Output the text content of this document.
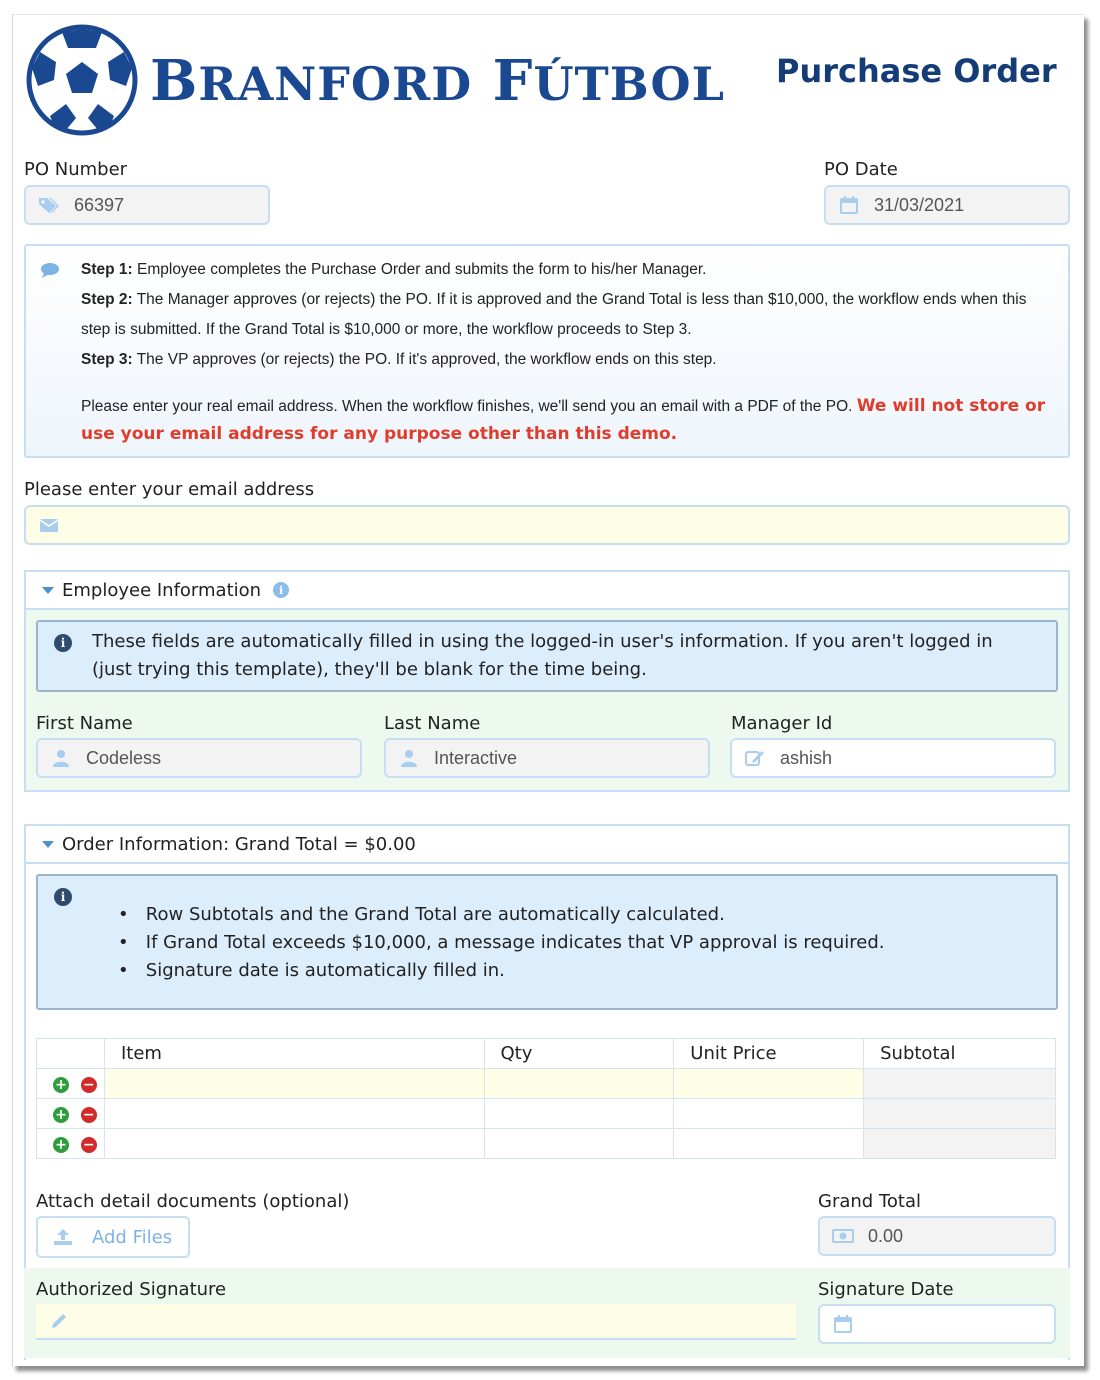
BRANFORD FÚTBOL Purchase Order
PO Number
66397
PO Date
31/03/2021

Step 1: Employee completes the Purchase Order and submits the form to his/her Manager.

Step 2: The Manager approves (or rejects) the PO. If it is approved and the Grand Total is less than $10,000, the workflow ends when this

step is submitted. If the Grand Total is $10,000 or more, the workflow proceeds to Step 3.

Step 3: The VP approves (or rejects) the PO. If it's approved, the workflow ends on this step.

Please enter your real email address. When the workflow finishes, we'll send you an email with a PDF of the PO. We will not store or

use your email address for any purpose other than this demo.

Please enter your email address
Employee Information	i
i	These fields are automatically filled in using the logged-in user's information. If you aren't logged in
(just trying this template), they'll be blank for the time being.
First Name	Last Name	Manager Id
Codeless	Interactive	ashish
Order Information: Grand Total = $0.00
i
•   Row Subtotals and the Grand Total are automatically calculated.
•   If Grand Total exceeds $10,000, a message indicates that VP approval is required.
•   Signature date is automatically filled in.
	Item	Qty	Unit Price	Subtotal
+ −				
+ −				
+ −				
Attach detail documents (optional)
Add Files
Grand Total
0.00
Authorized Signature	Signature Date
